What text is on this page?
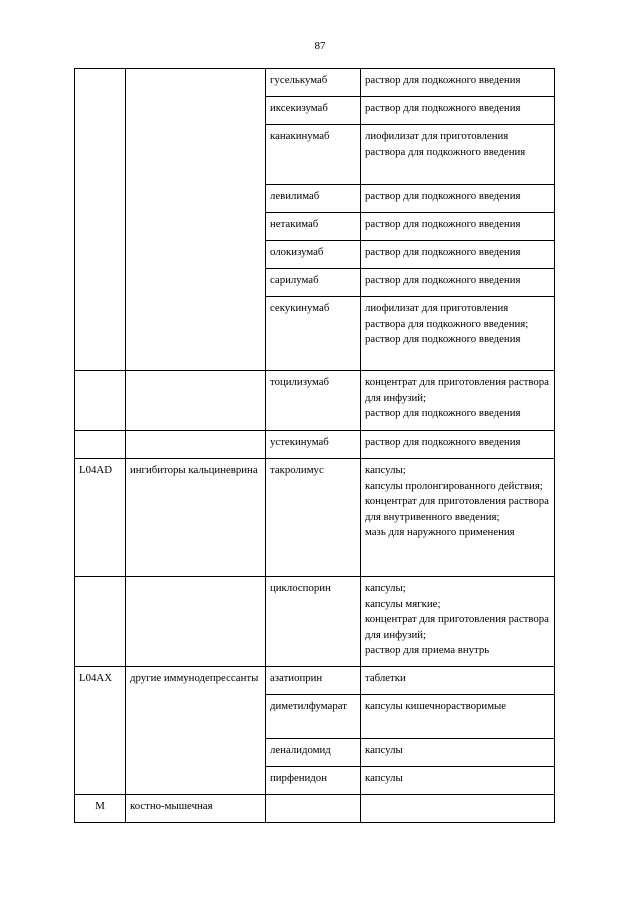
87
		гуселькумаб	раствор для подкожного введения

		иксекизумаб	раствор для подкожного введения

		канакинумаб	лиофилизат для приготовления раствора для подкожного введения

		левилимаб	раствор для подкожного введения

		нетакимаб	раствор для подкожного введения

		олокизумаб	раствор для подкожного введения

		сарилумаб	раствор для подкожного введения

		секукинумаб	лиофилизат для приготовления раствора для подкожного введения;
раствор для подкожного введения

		тоцилизумаб	концентрат для приготовления раствора для инфузий;
раствор для подкожного введения

		устекинумаб	раствор для подкожного введения

L04AD	ингибиторы кальциневрина	такролимус	капсулы;
капсулы пролонгированного действия;
концентрат для приготовления раствора для внутривенного введения;
мазь для наружного применения

		циклоспорин	капсулы;
капсулы мягкие;
концентрат для приготовления раствора для инфузий;
раствор для приема внутрь

L04AX	другие иммунодепрессанты	азатиоприн	таблетки

		диметилфумарат	капсулы кишечнорастворимые

		леналидомид	капсулы

		пирфенидон	капсулы

M	костно-мышечная		
